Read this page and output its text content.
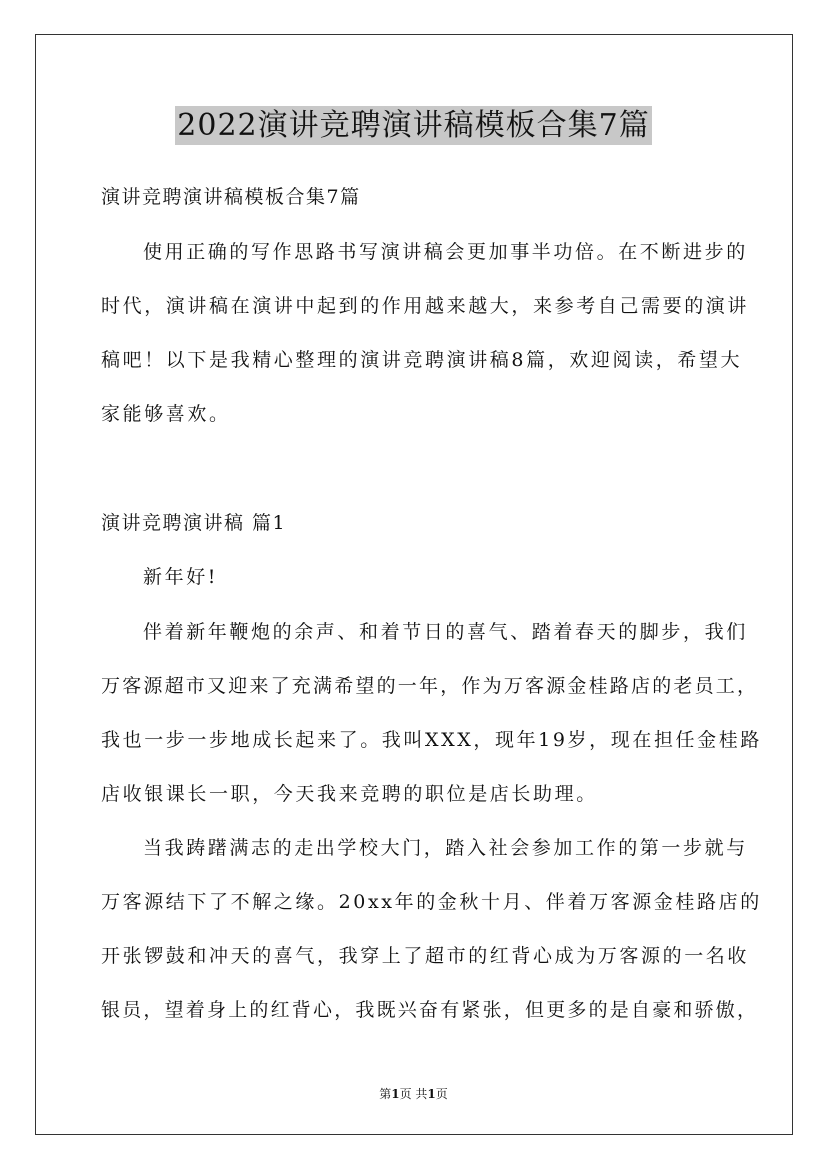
2022演讲竞聘演讲稿模板合集7篇
演讲竞聘演讲稿模板合集7篇
使用正确的写作思路书写演讲稿会更加事半功倍。在不断进步的
时代，演讲稿在演讲中起到的作用越来越大，来参考自己需要的演讲
稿吧！以下是我精心整理的演讲竞聘演讲稿8篇，欢迎阅读，希望大
家能够喜欢。
演讲竞聘演讲稿 篇1
新年好!
伴着新年鞭炮的余声、和着节日的喜气、踏着春天的脚步，我们
万客源超市又迎来了充满希望的一年，作为万客源金桂路店的老员工，
我也一步一步地成长起来了。我叫XXX，现年19岁，现在担任金桂路
店收银课长一职，今天我来竞聘的职位是店长助理。
当我踌躇满志的走出学校大门，踏入社会参加工作的第一步就与
万客源结下了不解之缘。20xx年的金秋十月、伴着万客源金桂路店的
开张锣鼓和冲天的喜气，我穿上了超市的红背心成为万客源的一名收
银员，望着身上的红背心，我既兴奋有紧张，但更多的是自豪和骄傲，
第1页 共1页
